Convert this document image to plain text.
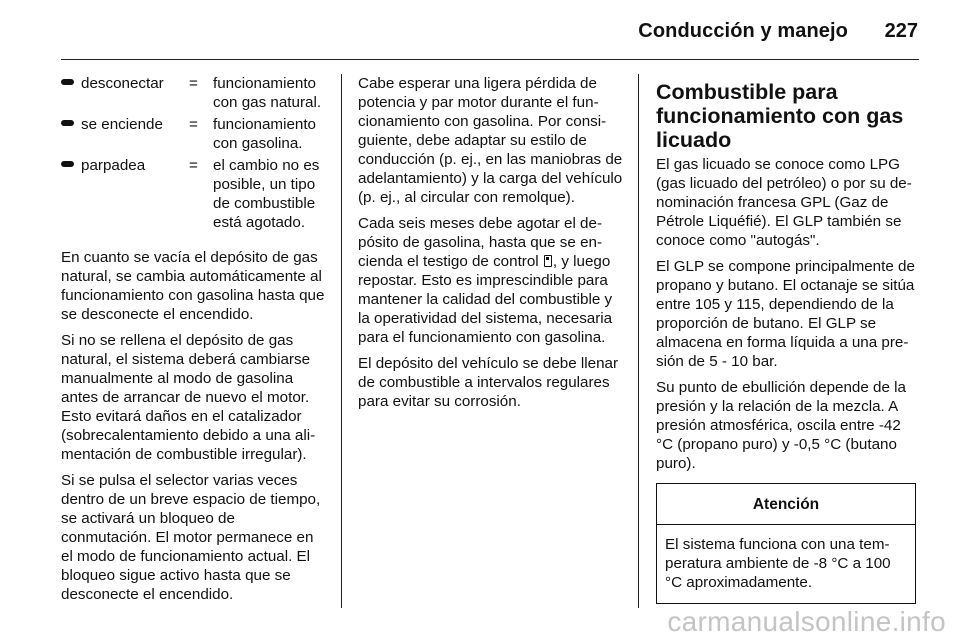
Conducción y manejo 227
	desconectar	=	funcionamiento con gas natural.
	se enciende	=	funcionamiento con gasolina.
	parpadea	=	el cambio no es posible, un tipo de combustible está agotado.

En cuanto se vacía el depósito de gas natural, se cambia automáticamente al funcionamiento con gasolina hasta que se desconecte el encendido.

Si no se rellena el depósito de gas natural, el sistema deberá cambiarse manualmente al modo de gasolina antes de arrancar de nuevo el motor. Esto evitará daños en el catalizador (sobrecalentamiento debido a una alimentación de combustible irregular).

Si se pulsa el selector varias veces dentro de un breve espacio de tiempo, se activará un bloqueo de conmutación. El motor permanece en el modo de funcionamiento actual. El bloqueo sigue activo hasta que se desconecte el encendido.

Cabe esperar una ligera pérdida de potencia y par motor durante el funcionamiento con gasolina. Por consiguiente, debe adaptar su estilo de conducción (p. ej., en las maniobras de adelantamiento) y la carga del vehículo (p. ej., al circular con remolque).

Cada seis meses debe agotar el depósito de gasolina, hasta que se encienda el testigo de control , y luego repostar. Esto es imprescindible para mantener la calidad del combustible y la operatividad del sistema, necesaria para el funcionamiento con gasolina.

El depósito del vehículo se debe llenar de combustible a intervalos regulares para evitar su corrosión.

Combustible para funcionamiento con gas licuado

El gas licuado se conoce como LPG (gas licuado del petróleo) o por su denominación francesa GPL (Gaz de Pétrole Liquéfié). El GLP también se conoce como "autogás".

El GLP se compone principalmente de propano y butano. El octanaje se sitúa entre 105 y 115, dependiendo de la proporción de butano. El GLP se almacena en forma líquida a una presión de 5 - 10 bar.

Su punto de ebullición depende de la presión y la relación de la mezcla. A presión atmosférica, oscila entre -42 °C (propano puro) y -0,5 °C (butano puro).

Atención
El sistema funciona con una temperatura ambiente de -8 °C a 100 °C aproximadamente.
carmanualsonline.info
